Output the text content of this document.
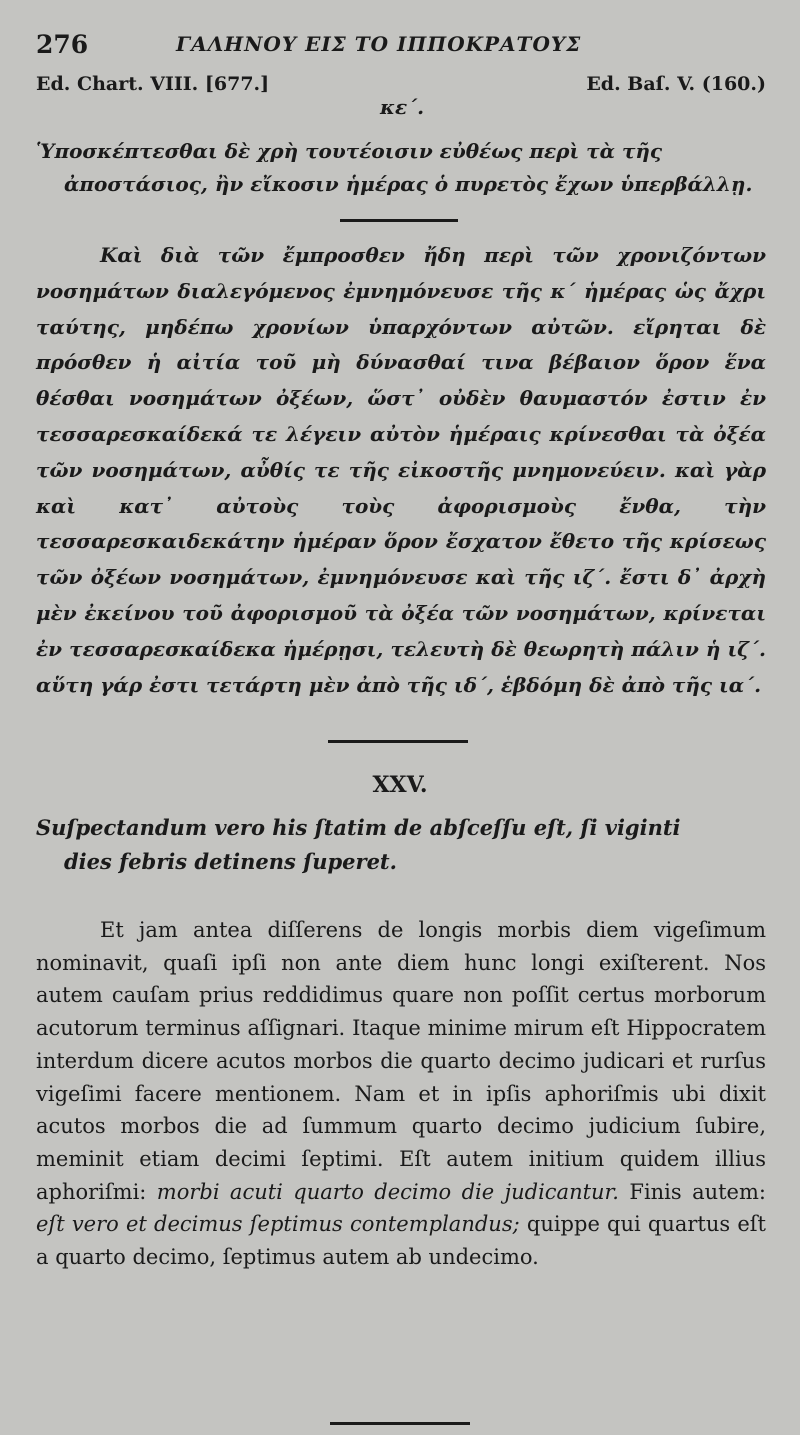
276	ΓΑΛΗΝΟΥ ΕΙΣ ΤΟ ΙΠΠΟΚΡΑΤΟΥΣ
Ed. Chart. VIII. [677.]	Ed. Baſ. V. (160.)
κε΄.
Ὑποσκέπτεσθαι δὲ χρὴ τουτέοισιν εὐθέως περὶ τὰ τῆς
ἀποστάσιος, ἢν εἴκοσιν ἡμέρας ὁ πυρετὸς ἔχων ὑπερβάλλῃ.
Καὶ διὰ τῶν ἔμπροσθεν ἤδη περὶ τῶν χρονιζόντων νοσημάτων διαλεγόμενος ἐμνημόνευσε τῆς κ΄ ἡμέρας ὡς ἄχρι ταύτης, μηδέπω χρονίων ὑπαρχόντων αὐτῶν. εἴρηται δὲ πρόσθεν ἡ αἰτία τοῦ μὴ δύνασθαί τινα βέβαιον ὅρον ἕνα θέσθαι νοσημάτων ὀξέων, ὥστ᾽ οὐδὲν θαυμαστόν ἐστιν ἐν τεσσαρεσκαίδεκά τε λέγειν αὐτὸν ἡμέραις κρίνεσθαι τὰ ὀξέα τῶν νοσημάτων, αὖθίς τε τῆς εἰκοστῆς μνημονεύειν. καὶ γὰρ καὶ κατ᾽ αὐτοὺς τοὺς ἀφορισμοὺς ἔνθα, τὴν τεσσαρεσκαιδεκάτην ἡμέραν ὅρον ἔσχατον ἔθετο τῆς κρίσεως τῶν ὀξέων νοσημάτων, ἐμνημόνευσε καὶ τῆς ιζ΄. ἔστι δ᾽ ἀρχὴ μὲν ἐκείνου τοῦ ἀφορισμοῦ τὰ ὀξέα τῶν νοσημάτων, κρίνεται ἐν τεσσαρεσκαίδεκα ἡμέρῃσι, τελευτὴ δὲ θεωρητὴ πάλιν ἡ ιζ΄. αὕτη γάρ ἐστι τετάρτη μὲν ἀπὸ τῆς ιδ΄, ἑβδόμη δὲ ἀπὸ τῆς ια΄.
XXV.
Suſpectandum vero his ſtatim de abſceſſu eſt, ſi viginti
dies febris detinens ſuperet.
Et jam antea diſſerens de longis morbis diem vigeſimum nominavit, quaſi ipſi non ante diem hunc longi exiſterent. Nos autem cauſam prius reddidimus quare non poſſit certus morborum acutorum terminus aſſignari. Itaque minime mirum eſt Hippocratem interdum dicere acutos morbos die quarto decimo judicari et rurſus vigeſimi facere mentionem. Nam et in ipſis aphoriſmis ubi dixit acutos morbos die ad ſummum quarto decimo judicium ſubire, meminit etiam decimi ſeptimi. Eſt autem initium quidem illius aphoriſmi: morbi acuti quarto decimo die judicantur. Finis autem: eſt vero et decimus ſeptimus contemplandus; quippe qui quartus eſt a quarto decimo, ſeptimus autem ab undecimo.
